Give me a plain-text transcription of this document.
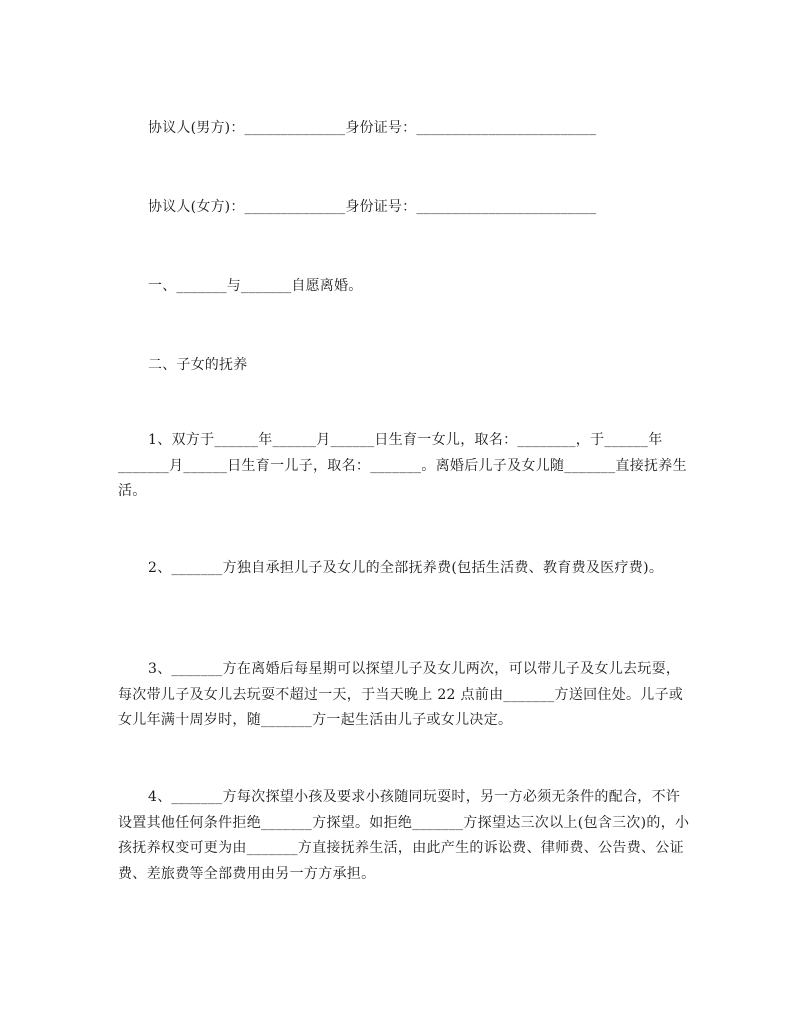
协议人(男方)：______________身份证号：_________________________
协议人(女方)：______________身份证号：_________________________
一、_______与_______自愿离婚。
二、子女的抚养
1、双方于______年______月______日生育一女儿，取名：________，于______年_______月______日生育一儿子，取名：_______。离婚后儿子及女儿随_______直接抚养生活。
2、_______方独自承担儿子及女儿的全部抚养费(包括生活费、教育费及医疗费)。
3、_______方在离婚后每星期可以探望儿子及女儿两次，可以带儿子及女儿去玩耍，每次带儿子及女儿去玩耍不超过一天，于当天晚上 22 点前由_______方送回住处。儿子或女儿年满十周岁时，随_______方一起生活由儿子或女儿决定。
4、_______方每次探望小孩及要求小孩随同玩耍时，另一方必须无条件的配合，不许设置其他任何条件拒绝_______方探望。如拒绝_______方探望达三次以上(包含三次)的，小孩抚养权变可更为由_______方直接抚养生活，由此产生的诉讼费、律师费、公告费、公证费、差旅费等全部费用由另一方方承担。
